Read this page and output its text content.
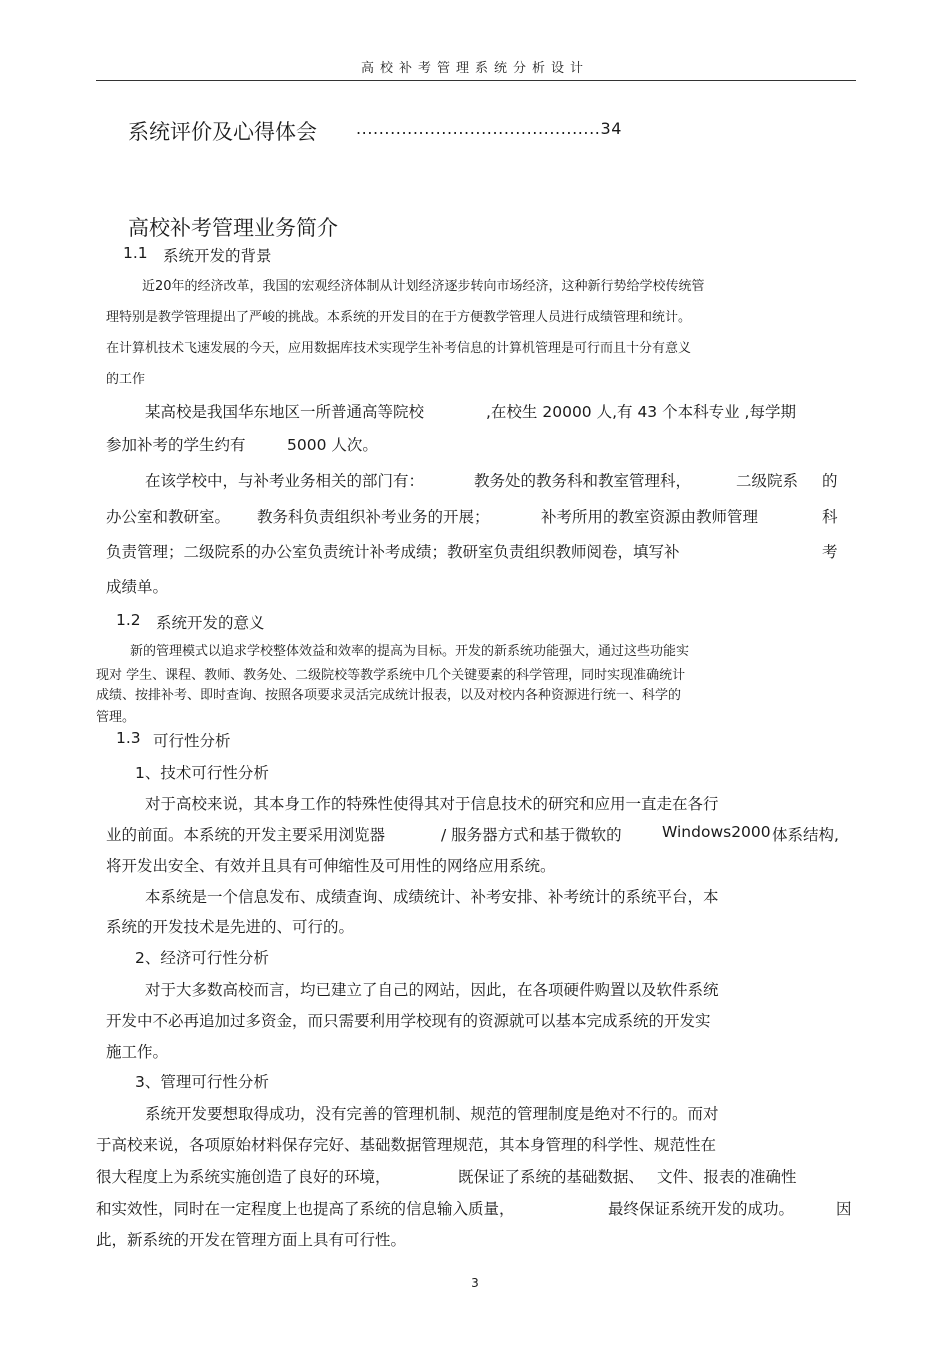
高校补考管理系统分析设计
系统评价及心得体会 ...........................................34
高校补考管理业务简介
1.1 系统开发的背景
近20年的经济改革，我国的宏观经济体制从计划经济逐步转向市场经济，这种新行势给学校传统管
理特别是教学管理提出了严峻的挑战。本系统的开发目的在于方便教学管理人员进行成绩管理和统计。
在计算机技术飞速发展的今天，应用数据库技术实现学生补考信息的计算机管理是可行而且十分有意义
的工作
某高校是我国华东地区一所普通高等院校	,在校生 20000 人,有 43 个本科专业 ,每学期
参加补考的学生约有	5000 人次。
在该学校中，与补考业务相关的部门有：	教务处的教务科和教室管理科，	二级院系 的
办公室和教研室。 教务科负责组织补考业务的开展；	补考所用的教室资源由教师管理	科
负责管理；二级院系的办公室负责统计补考成绩；教研室负责组织教师阅卷，填写补	考
成绩单。
1.2 系统开发的意义
新的管理模式以追求学校整体效益和效率的提高为目标。开发的新系统功能强大，通过这些功能实
现对 学生、课程、教师、教务处、二级院校等教学系统中几个关键要素的科学管理，同时实现准确统计
成绩、按排补考、即时查询、按照各项要求灵活完成统计报表，以及对校内各种资源进行统一、科学的
管理。
1.3 可行性分析
1、技术可行性分析
对于高校来说，其本身工作的特殊性使得其对于信息技术的研究和应用一直走在各行
业的前面。本系统的开发主要采用浏览器	/ 服务器方式和基于微软的	Windows2000 体系结构,
将开发出安全、有效并且具有可伸缩性及可用性的网络应用系统。
本系统是一个信息发布、成绩查询、成绩统计、补考安排、补考统计的系统平台，本
系统的开发技术是先进的、可行的。
2、经济可行性分析
对于大多数高校而言，均已建立了自己的网站，因此，在各项硬件购置以及软件系统
开发中不必再追加过多资金，而只需要利用学校现有的资源就可以基本完成系统的开发实
施工作。
3、管理可行性分析
系统开发要想取得成功，没有完善的管理机制、规范的管理制度是绝对不行的。而对
于高校来说，各项原始材料保存完好、基础数据管理规范，其本身管理的科学性、规范性在
很大程度上为系统实施创造了良好的环境，	既保证了系统的基础数据、 文件、报表的准确性
和实效性，同时在一定程度上也提高了系统的信息输入质量，	最终保证系统开发的成功。	因
此，新系统的开发在管理方面上具有可行性。
3
